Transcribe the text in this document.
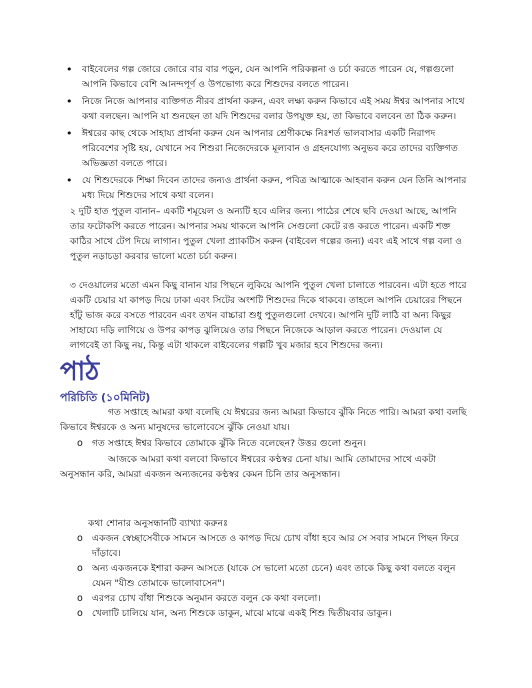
• বাইবেলের গল্প জোরে জোরে বার বার পড়ুন, যেন আপনি পরিকল্পনা ও চর্চা করতে পারেন যে, গল্পগুলো আপনি কিভাবে বেশি আনন্দপূর্ণ ও উপভোগ্য করে শিশুদের বলতে পারেন।
• নিজে নিজে আপনার ব্যক্তিগত নীরব প্রার্থনা করুন, এবং লক্ষ্য করুন কিভাবে এই সময় ঈশ্বর আপনার সাথে কথা বলছেন। আপনি যা শুনছেন তা যদি শিশুদের বলার উপযুক্ত হয়, তা কিভাবে বলবেন তা ঠিক করুন।
• ঈশ্বরের কাছ থেকে সাহায্য প্রার্থনা করুন যেন আপনার শ্রেণীকক্ষে নিঃশর্ত ভালবাসার একটি নিরাপদ পরিবেশের সৃষ্টি হয়, যেখানে সব শিশুরা নিজেদেরকে মূল্যবান ও গ্রহনযোগ্য অনুভব করে তাদের ব্যক্তিগত অভিজ্ঞতা বলতে পারে।
• যে শিশুদেরকে শিক্ষা দিবেন তাদের জন্যও প্রার্থনা করুন, পবিত্র আত্মাকে আহবান করুন যেন তিনি আপনার মধ্য দিয়ে শিশুদের সাথে কথা বলেন।

২ দুটি হাত পুতুল বানান– একটি শমূয়েল ও অন্যটি হবে এলির জন্য। পাঠের শেষে ছবি দেওয়া আছে, আপনি তার ফটোকপি করতে পারেন। আপনার সময় থাকলে আপনি সেগুলো কেটে রঙ করতে পারেন। একটি শক্ত কাঠির সাথে টেপ দিয়ে লাগান। পুতুল খেলা প্র্যাকটিস করুন (বাইবেল গল্পের জন্য) এবং এই সাথে গল্প বলা ও পুতুল নড়াচড়া করবার ভালো মতো চর্চা করুন।

৩ দেওয়ালের মতো এমন কিছু বানান যার পিছনে লুকিয়ে আপনি পুতুল খেলা চালাতে পারবেন। এটা হতে পারে একটি চেয়ার যা কাপড় দিয়ে ঢাকা এবং সিটের অংশটি শিশুদের দিকে থাকবে। তাহলে আপনি চেয়ারের পিছনে হাঁটু ভাজ করে বসতে পারবেন এবং তখন বাচ্চারা শুধু পুতুলগুলো দেখবে। আপনি দুটি লাঠি বা অন্য কিছুর সাহায্যে দড়ি লাগিয়ে ও উপর কাপড় ঝুলিয়েও তার পিছনে নিজেকে আড়াল করতে পারেন। দেওয়াল যে লাগবেই তা কিছু নয়, কিন্তু এটা থাকলে বাইবেলের গল্পটি খুব মজার হবে শিশুদের জন্য।

পাঠ
পরিচিতি (১০মিনিট)

গত সপ্তাহে আমরা কথা বলেছি যে ঈশ্বরের জন্য আমরা কিভাবে ঝুঁকি নিতে পারি। আমরা কথা বলছি কিভাবে ঈশ্বরকে ও অন্য মানুষদের ভালোবেসে ঝুঁকি নেওয়া যায়।

o গত সপ্তাহে ঈশ্বর কিভাবে তোমাকে ঝুঁকি নিতে বলেছেন? উত্তর গুলো শুনুন।

আজকে আমরা কথা বলবো কিভাবে ঈশ্বরের কণ্ঠস্বর চেনা যায়। আমি তোমাদের সাথে একটা অনুসন্ধান করি, আমরা একজন অন্যজনের কণ্ঠস্বর কেমন চিনি তার অনুসন্ধান।

কথা শোনার অনুসন্ধানটি ব্যাখ্যা করুনঃ

o একজন স্বেচ্ছাসেবীকে সামনে আসতে ও কাপড় দিয়ে চোখ বাঁধা হবে আর সে সবার সামনে পিছন ফিরে দাঁড়াবে।
o অন্য একজনকে ইশারা করুন আসতে (যাকে সে ভালো মতো চেনে) এবং তাকে কিছু কথা বলতে বলুন যেমন "যীশু তোমাকে ভালোবাসেন"।
o এরপর চোখ বাঁধা শিশুকে অনুমান করতে বলুন কে কথা বললো।
o খেলাটি চালিয়ে যান, অন্য শিশুকে ডাকুন, মাঝে মাঝে একই শিশু দ্বিতীয়বার ডাকুন।
